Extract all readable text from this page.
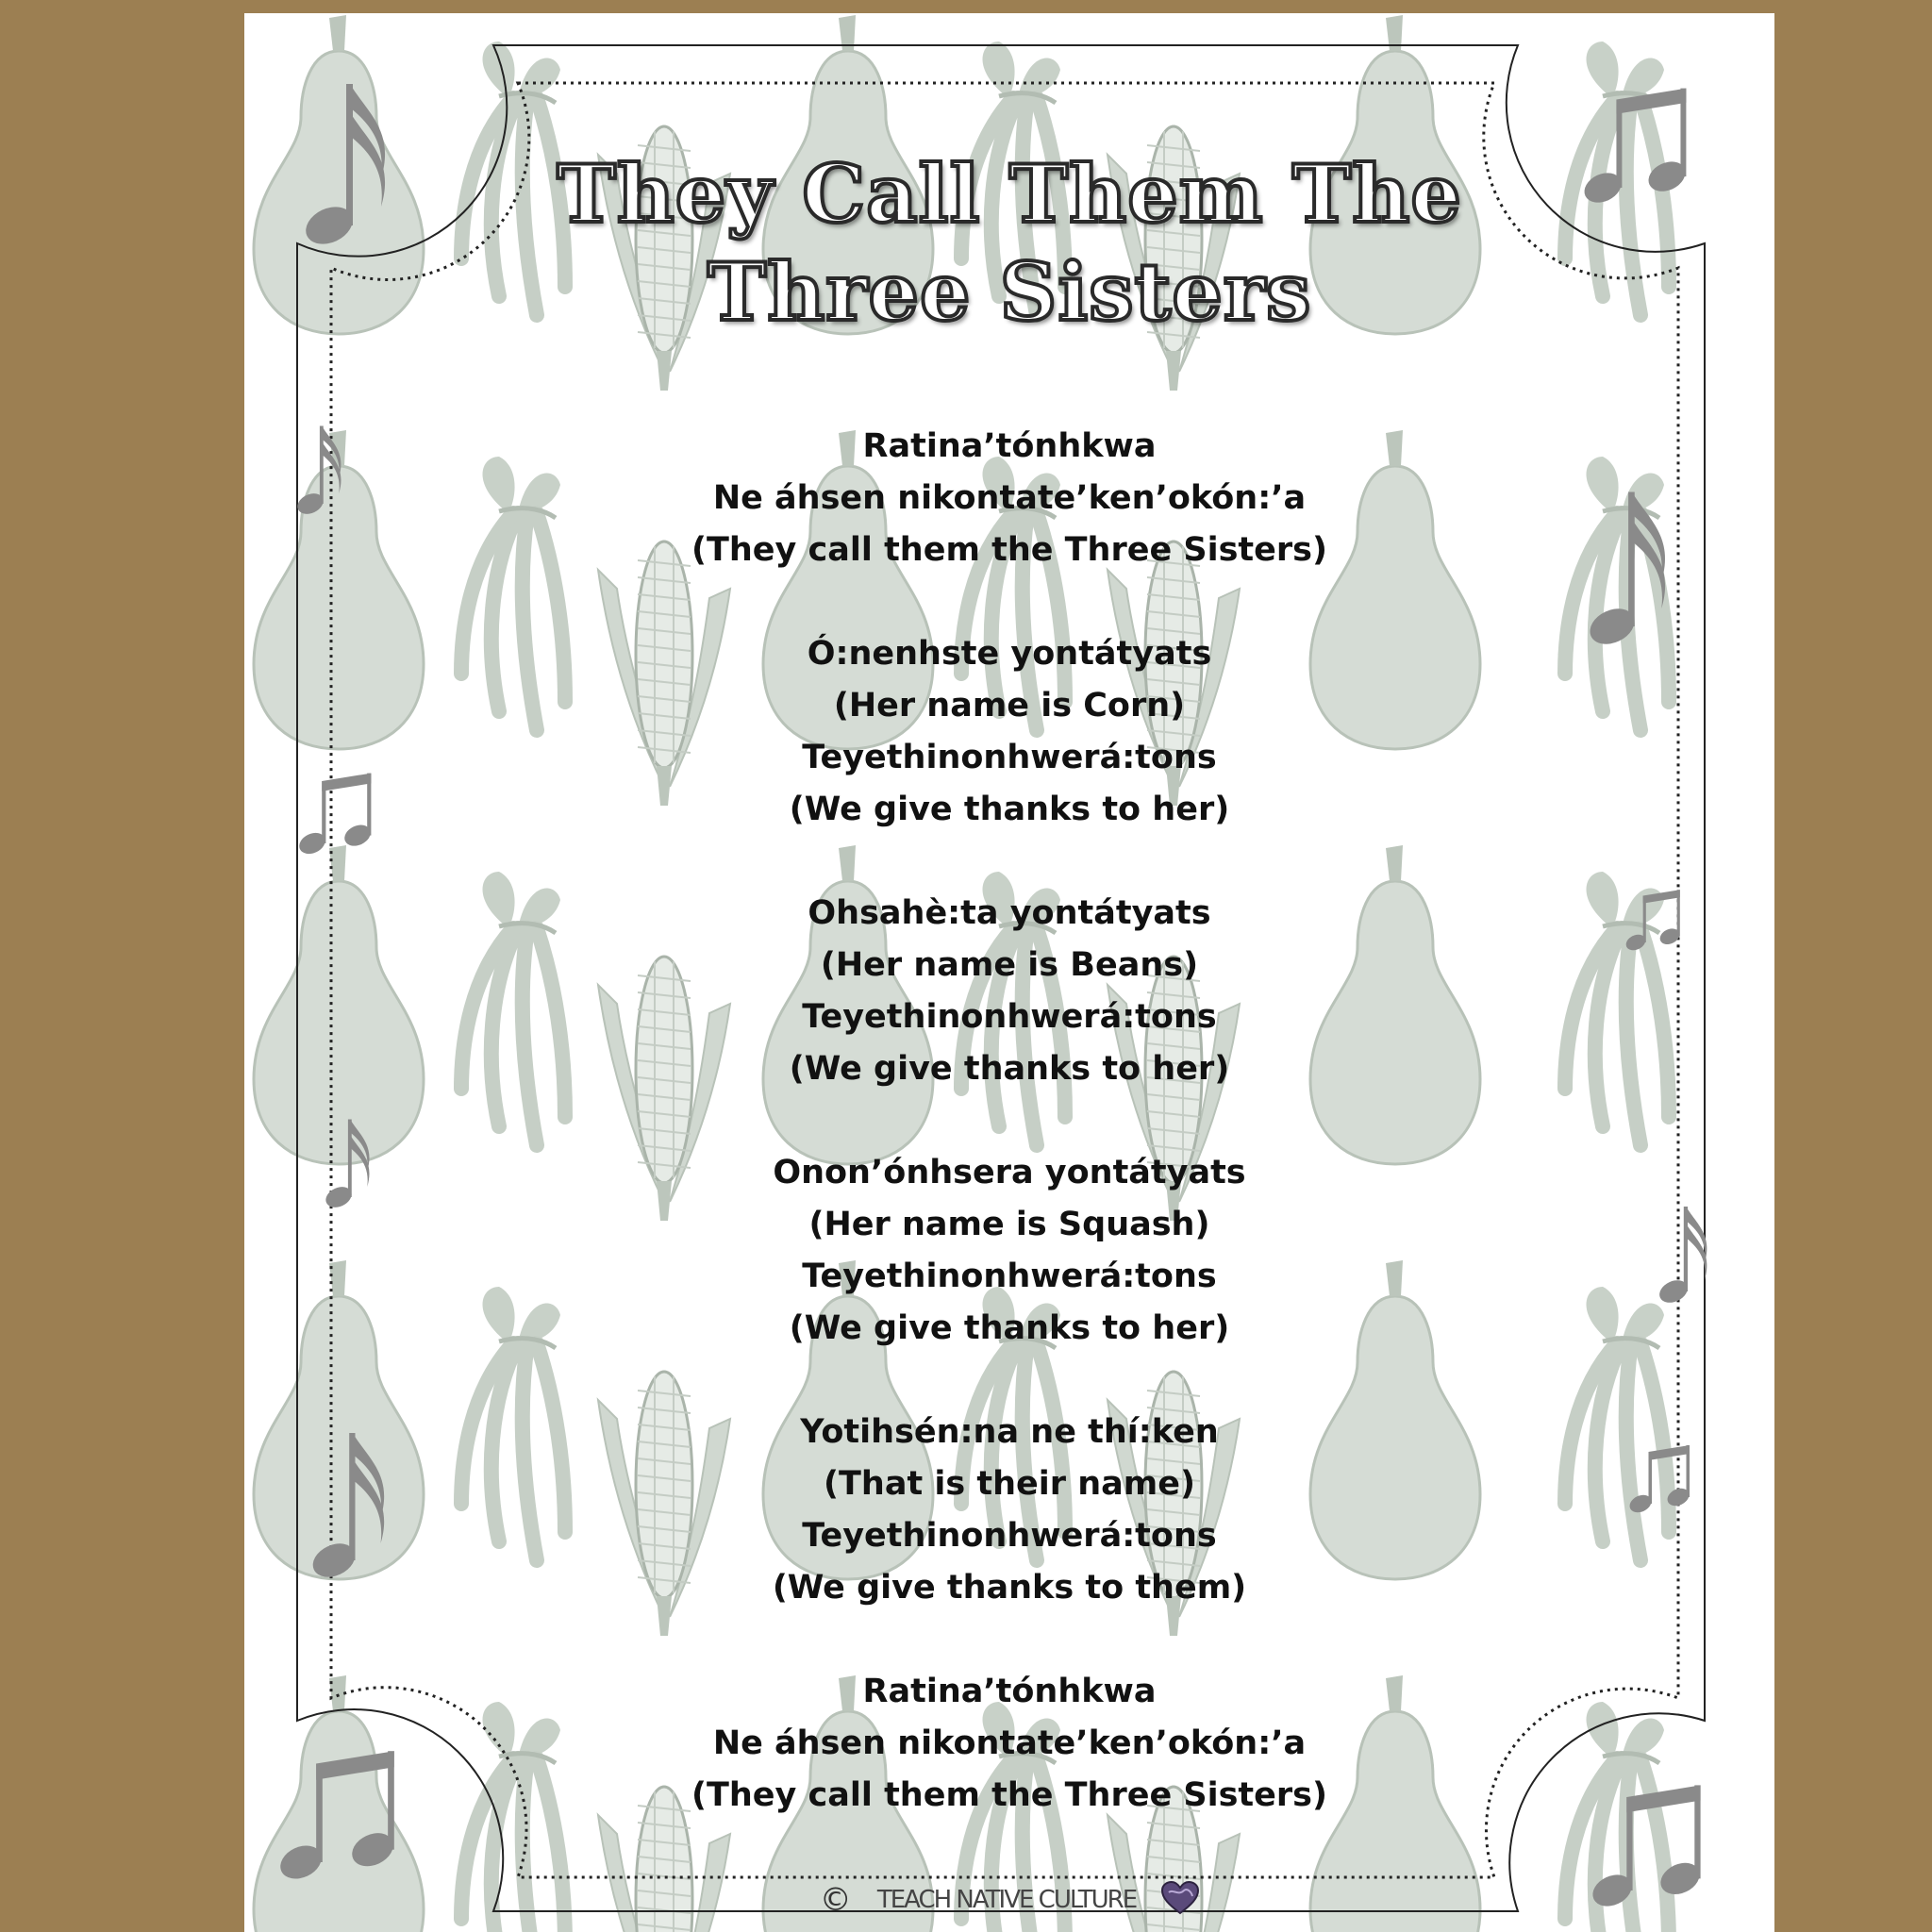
They Call Them The
Three Sisters
Ratina’tónhkwa
Ne áhsen nikontate’ken’okón:’a
(They call them the Three Sisters)
Ó:nenhste yontátyats
(Her name is Corn)
Teyethinonhwerá:tons
(We give thanks to her)
Ohsahè:ta yontátyats
(Her name is Beans)
Teyethinonhwerá:tons
(We give thanks to her)
Onon’ónhsera yontátyats
(Her name is Squash)
Teyethinonhwerá:tons
(We give thanks to her)
Yotihsén:na ne thí:ken
(That is their name)
Teyethinonhwerá:tons
(We give thanks to them)
Ratina’tónhkwa
Ne áhsen nikontate’ken’okón:’a
(They call them the Three Sisters)
© TEACH NATIVE CULTURE
